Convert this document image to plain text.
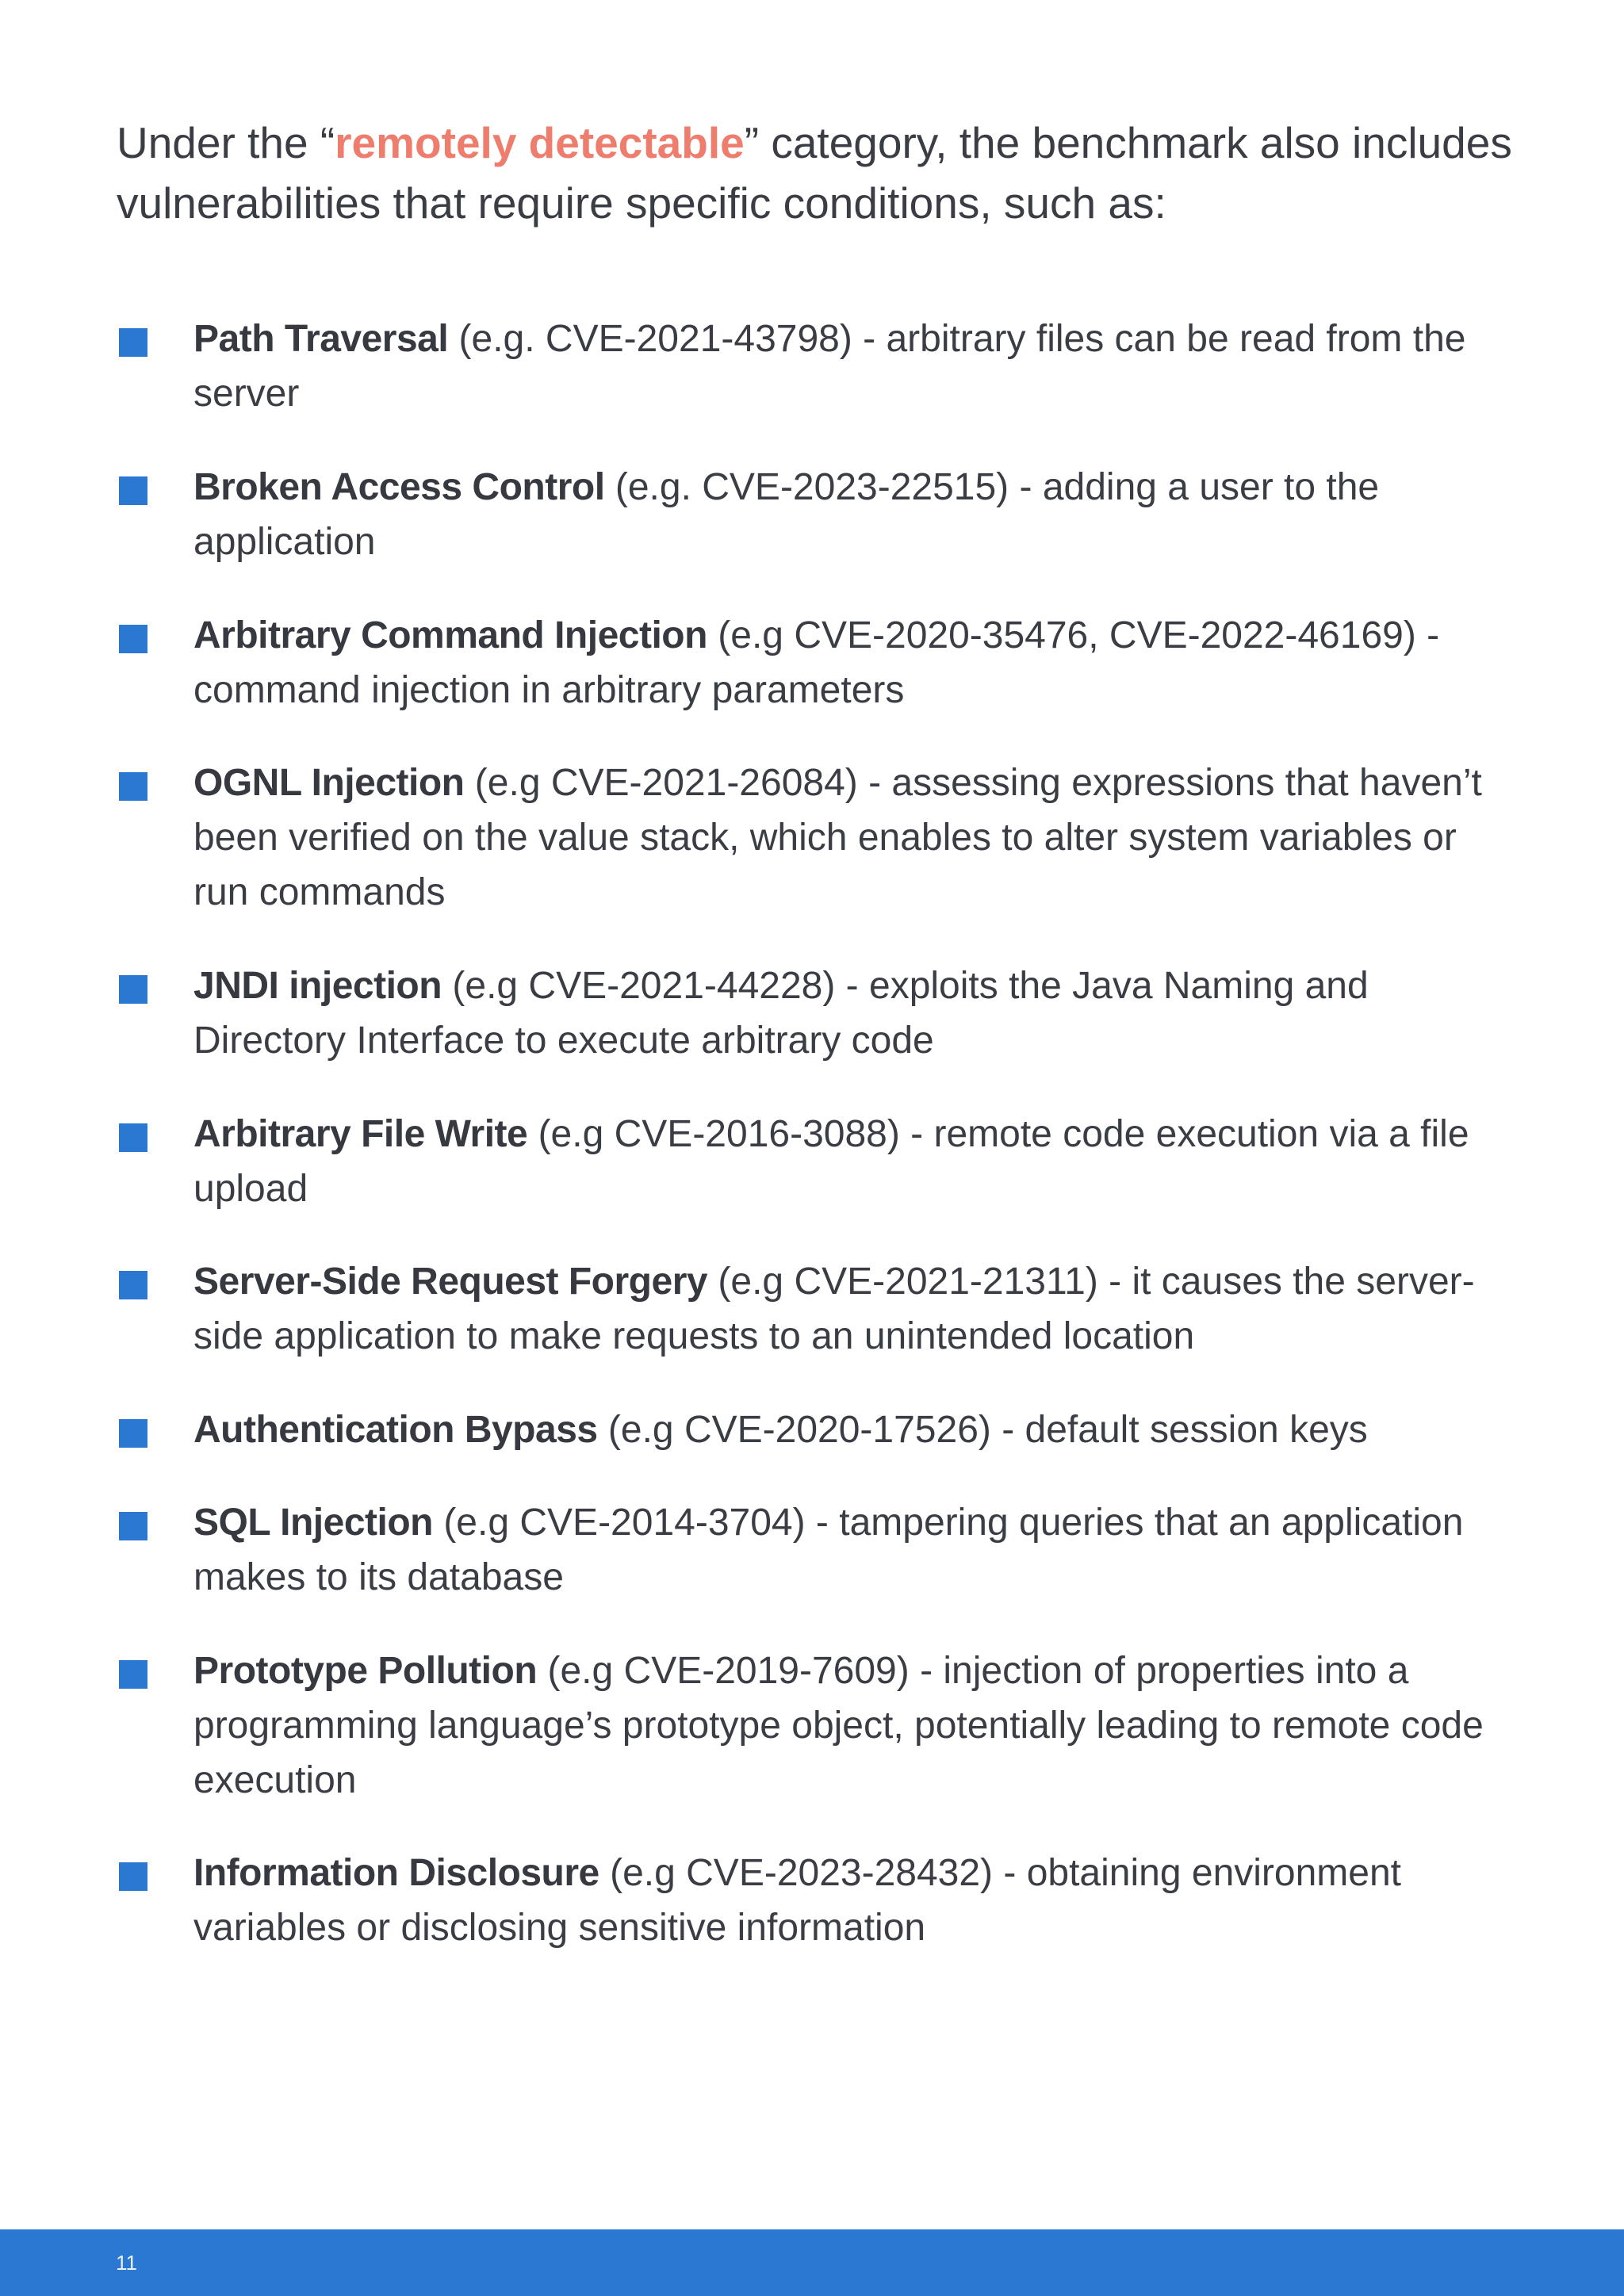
Under the “remotely detectable” category, the benchmark also includes vulnerabilities that require specific conditions, such as:

Path Traversal (e.g. CVE-2021-43798) - arbitrary files can be read from the server
Broken Access Control (e.g. CVE-2023-22515) - adding a user to the application
Arbitrary Command Injection (e.g CVE-2020-35476, CVE-2022-46169) - command injection in arbitrary parameters
OGNL Injection (e.g CVE-2021-26084) - assessing expressions that haven’t been verified on the value stack, which enables to alter system variables or run commands
JNDI injection (e.g CVE-2021-44228) - exploits the Java Naming and Directory Interface to execute arbitrary code
Arbitrary File Write (e.g CVE-2016-3088) - remote code execution via a file upload
Server-Side Request Forgery (e.g CVE-2021-21311) - it causes the server-side application to make requests to an unintended location
Authentication Bypass (e.g CVE-2020-17526) - default session keys
SQL Injection (e.g CVE-2014-3704) - tampering queries that an application makes to its database
Prototype Pollution (e.g CVE-2019-7609) - injection of properties into a programming language’s prototype object, potentially leading to remote code execution
Information Disclosure (e.g CVE-2023-28432) - obtaining environment variables or disclosing sensitive information
11
